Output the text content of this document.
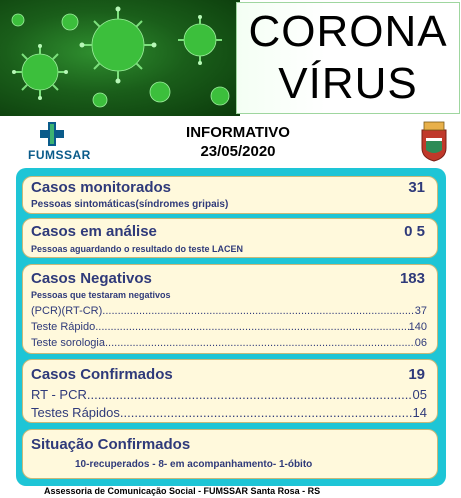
CORONA
VÍRUS
FUMSSAR
INFORMATIVO
23/05/2020
Casos monitorados	31
Pessoas sintomáticas(síndromes gripais)
Casos em análise	0 5
Pessoas aguardando o resultado do teste LACEN
Casos Negativos	183
Pessoas que testaram negativos
(PCR)(RT-CR) .....	37
Teste Rápido .....	140
Teste sorologia .....	06
Casos Confirmados	19
RT - PCR .....	05
Testes Rápidos .....	14
Situação Confirmados
10-recuperados - 8- em acompanhamento- 1-óbito
Assessoria de Comunicação Social - FUMSSAR Santa Rosa - RS
